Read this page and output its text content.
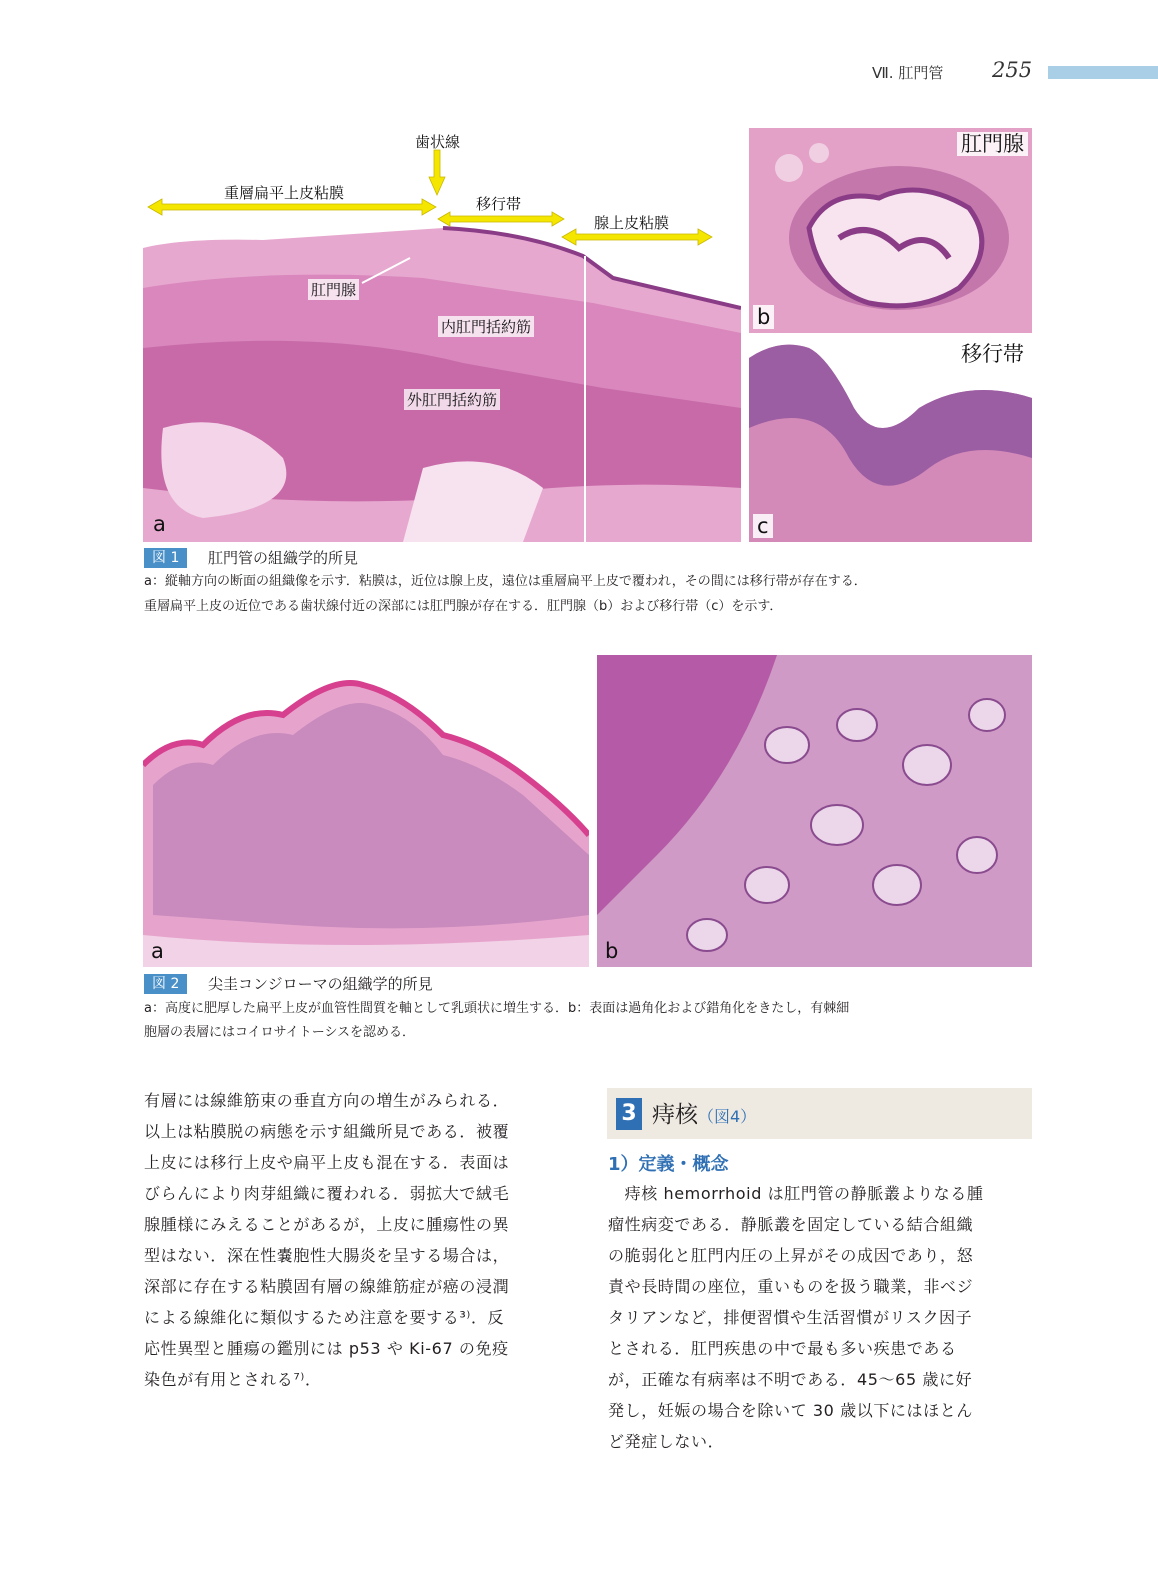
Ⅶ. 肛門管 255
a
歯状線
重層扁平上皮粘膜
移行帯
腺上皮粘膜
肛門腺
内肛門括約筋
外肛門括約筋
肛門腺
b
移行帯
c
図 1	肛門管の組織学的所見
a：縦軸方向の断面の組織像を示す．粘膜は，近位は腺上皮，遠位は重層扁平上皮で覆われ，その間には移行帯が存在する．
重層扁平上皮の近位である歯状線付近の深部には肛門腺が存在する．肛門腺（b）および移行帯（c）を示す．
a	b
図 2	尖圭コンジローマの組織学的所見
a：高度に肥厚した扁平上皮が血管性間質を軸として乳頭状に増生する．b：表面は過角化および錯角化をきたし，有棘細
胞層の表層にはコイロサイトーシスを認める．
有層には線維筋束の垂直方向の増生がみられる．
以上は粘膜脱の病態を示す組織所見である．被覆
上皮には移行上皮や扁平上皮も混在する．表面は
びらんにより肉芽組織に覆われる．弱拡大で絨毛
腺腫様にみえることがあるが，上皮に腫瘍性の異
型はない．深在性嚢胞性大腸炎を呈する場合は，
深部に存在する粘膜固有層の線維筋症が癌の浸潤
による線維化に類似するため注意を要する³⁾．反
応性異型と腫瘍の鑑別には p53 や Ki-67 の免疫
染色が有用とされる⁷⁾．
3 痔核（図4）
1）定義・概念
　痔核 hemorrhoid は肛門管の静脈叢よりなる腫
瘤性病変である．静脈叢を固定している結合組織
の脆弱化と肛門内圧の上昇がその成因であり，怒
責や長時間の座位，重いものを扱う職業，非ベジ
タリアンなど，排便習慣や生活習慣がリスク因子
とされる．肛門疾患の中で最も多い疾患である
が，正確な有病率は不明である．45〜65 歳に好
発し，妊娠の場合を除いて 30 歳以下にはほとん
ど発症しない．
